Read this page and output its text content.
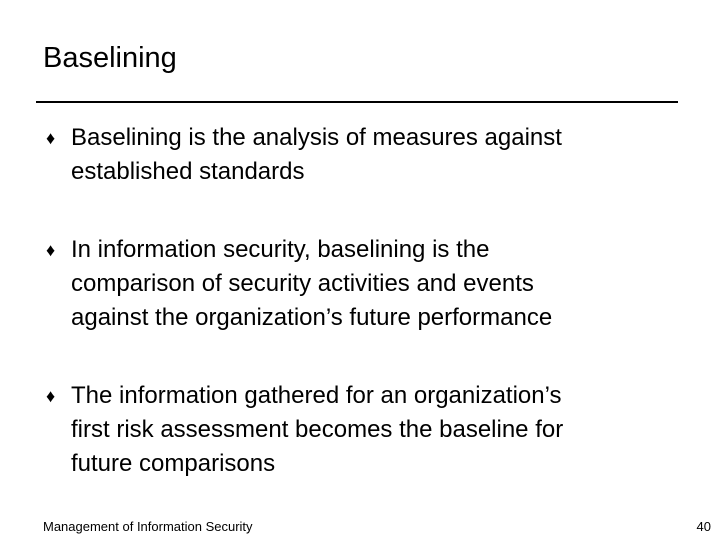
Baselining
♦ Baselining is the analysis of measures against
established standards
♦ In information security, baselining is the
comparison of security activities and events
against the organization’s future performance
♦ The information gathered for an organization’s
first risk assessment becomes the baseline for
future comparisons
Management of Information Security	40
